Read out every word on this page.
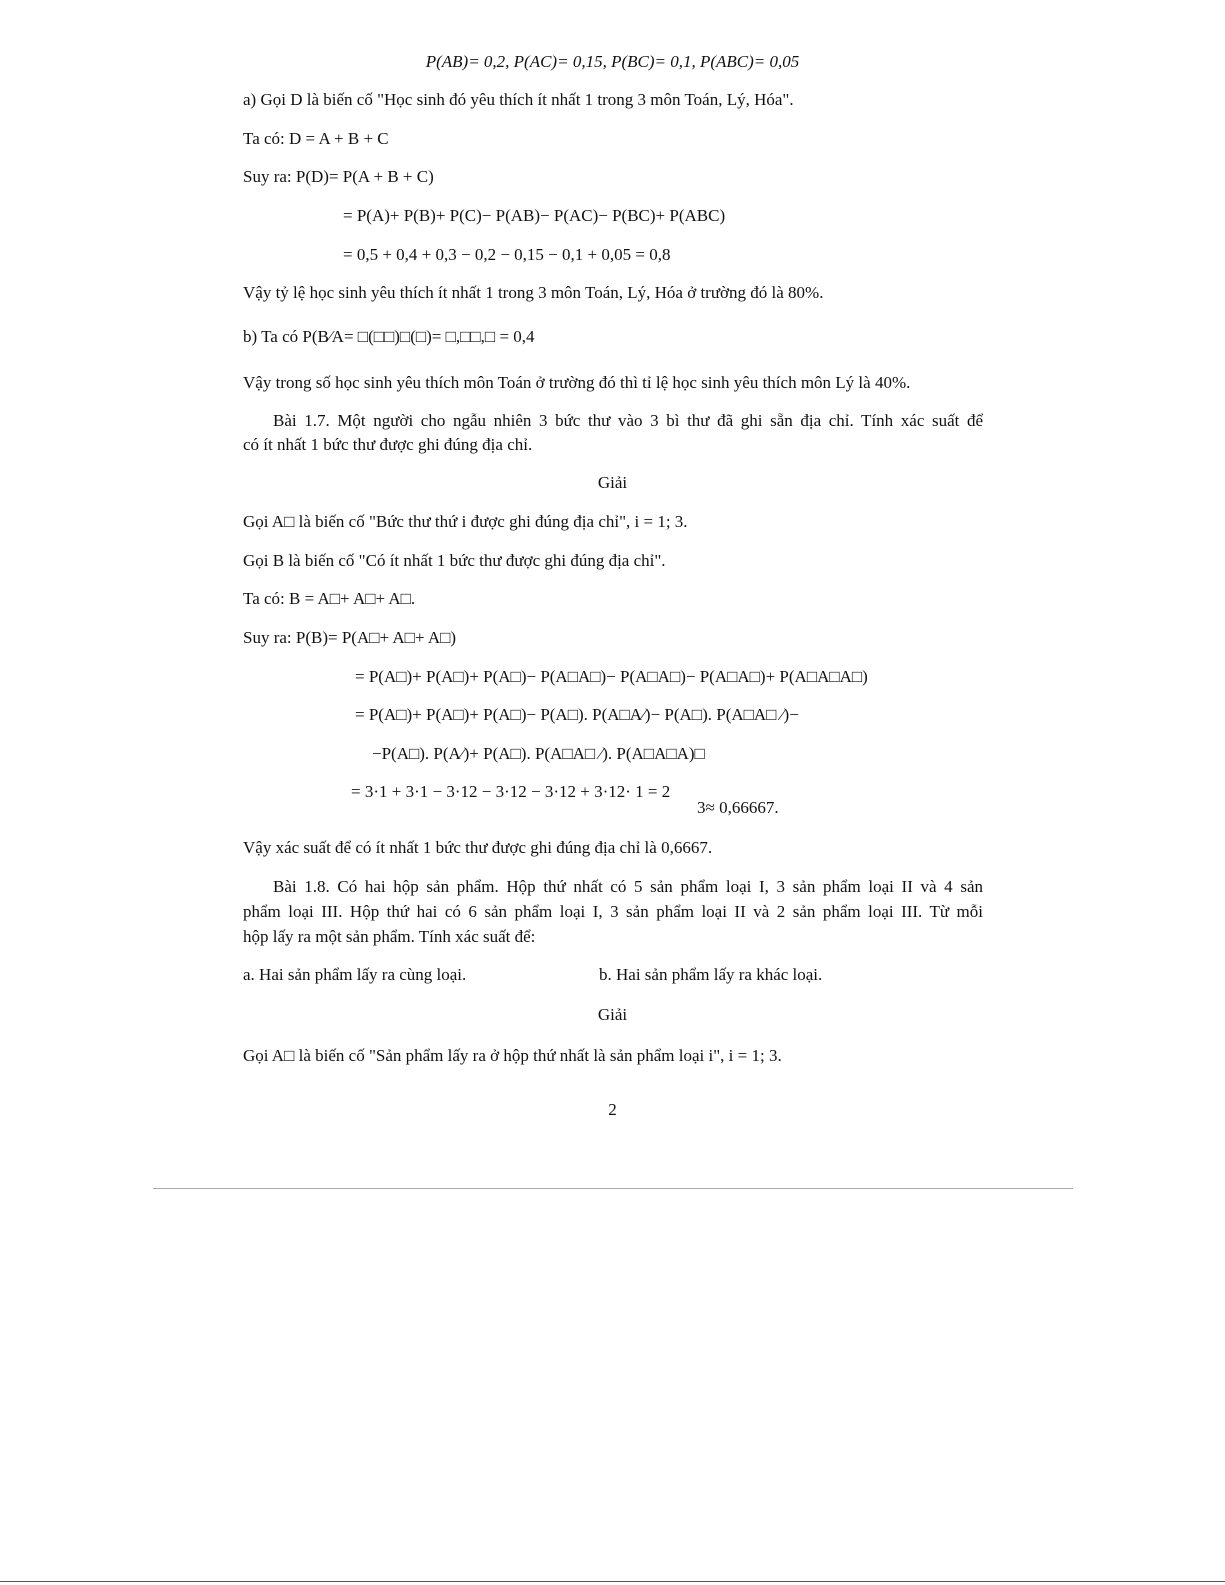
P(AB)= 0,2, P(AC)= 0,15, P(BC)= 0,1, P(ABC)= 0,05
a) Gọi D là biến cố "Học sinh đó yêu thích ít nhất 1 trong 3 môn Toán, Lý, Hóa".
Ta có: D = A + B + C
Suy ra: P(D)= P(A + B + C)
= P(A)+ P(B)+ P(C)− P(AB)− P(AC)− P(BC)+ P(ABC)
= 0,5 + 0,4 + 0,3 − 0,2 − 0,15 − 0,1 + 0,05 = 0,8
Vậy tỷ lệ học sinh yêu thích ít nhất 1 trong 3 môn Toán, Lý, Hóa ở trường đó là 80%.
b) Ta có P(B⁄A= □(□□)□(□)= □,□□,□ = 0,4
Vậy trong số học sinh yêu thích môn Toán ở trường đó thì tỉ lệ học sinh yêu thích môn Lý là 40%.
Bài 1.7. Một người cho ngẫu nhiên 3 bức thư vào 3 bì thư đã ghi sẵn địa chỉ. Tính xác suất để
có ít nhất 1 bức thư được ghi đúng địa chỉ.
Giải
Gọi A□ là biến cố "Bức thư thứ i được ghi đúng địa chỉ", i = 1; 3.
Gọi B là biến cố "Có ít nhất 1 bức thư được ghi đúng địa chỉ".
Ta có: B = A□+ A□+ A□.
Suy ra: P(B)= P(A□+ A□+ A□)
= P(A□)+ P(A□)+ P(A□)− P(A□A□)− P(A□A□)− P(A□A□)+ P(A□A□A□)
= P(A□)+ P(A□)+ P(A□)− P(A□). P(A□A⁄)− P(A□). P(A□A□ ⁄)−
−P(A□). P(A⁄)+ P(A□). P(A□A□ ⁄). P(A□A□A)□
= 3·1 + 3·1 − 3·12 − 3·12 − 3·12 + 3·12· 1 = 2
3≈ 0,66667.
Vậy xác suất để có ít nhất 1 bức thư được ghi đúng địa chỉ là 0,6667.
Bài 1.8. Có hai hộp sản phẩm. Hộp thứ nhất có 5 sản phẩm loại I, 3 sản phẩm loại II và 4 sản
phẩm loại III. Hộp thứ hai có 6 sản phẩm loại I, 3 sản phẩm loại II và 2 sản phẩm loại III. Từ mỗi
hộp lấy ra một sản phẩm. Tính xác suất để:
a. Hai sản phẩm lấy ra cùng loại.	b. Hai sản phẩm lấy ra khác loại.
Giải
Gọi A□ là biến cố "Sản phẩm lấy ra ở hộp thứ nhất là sản phẩm loại i", i = 1; 3.
2
